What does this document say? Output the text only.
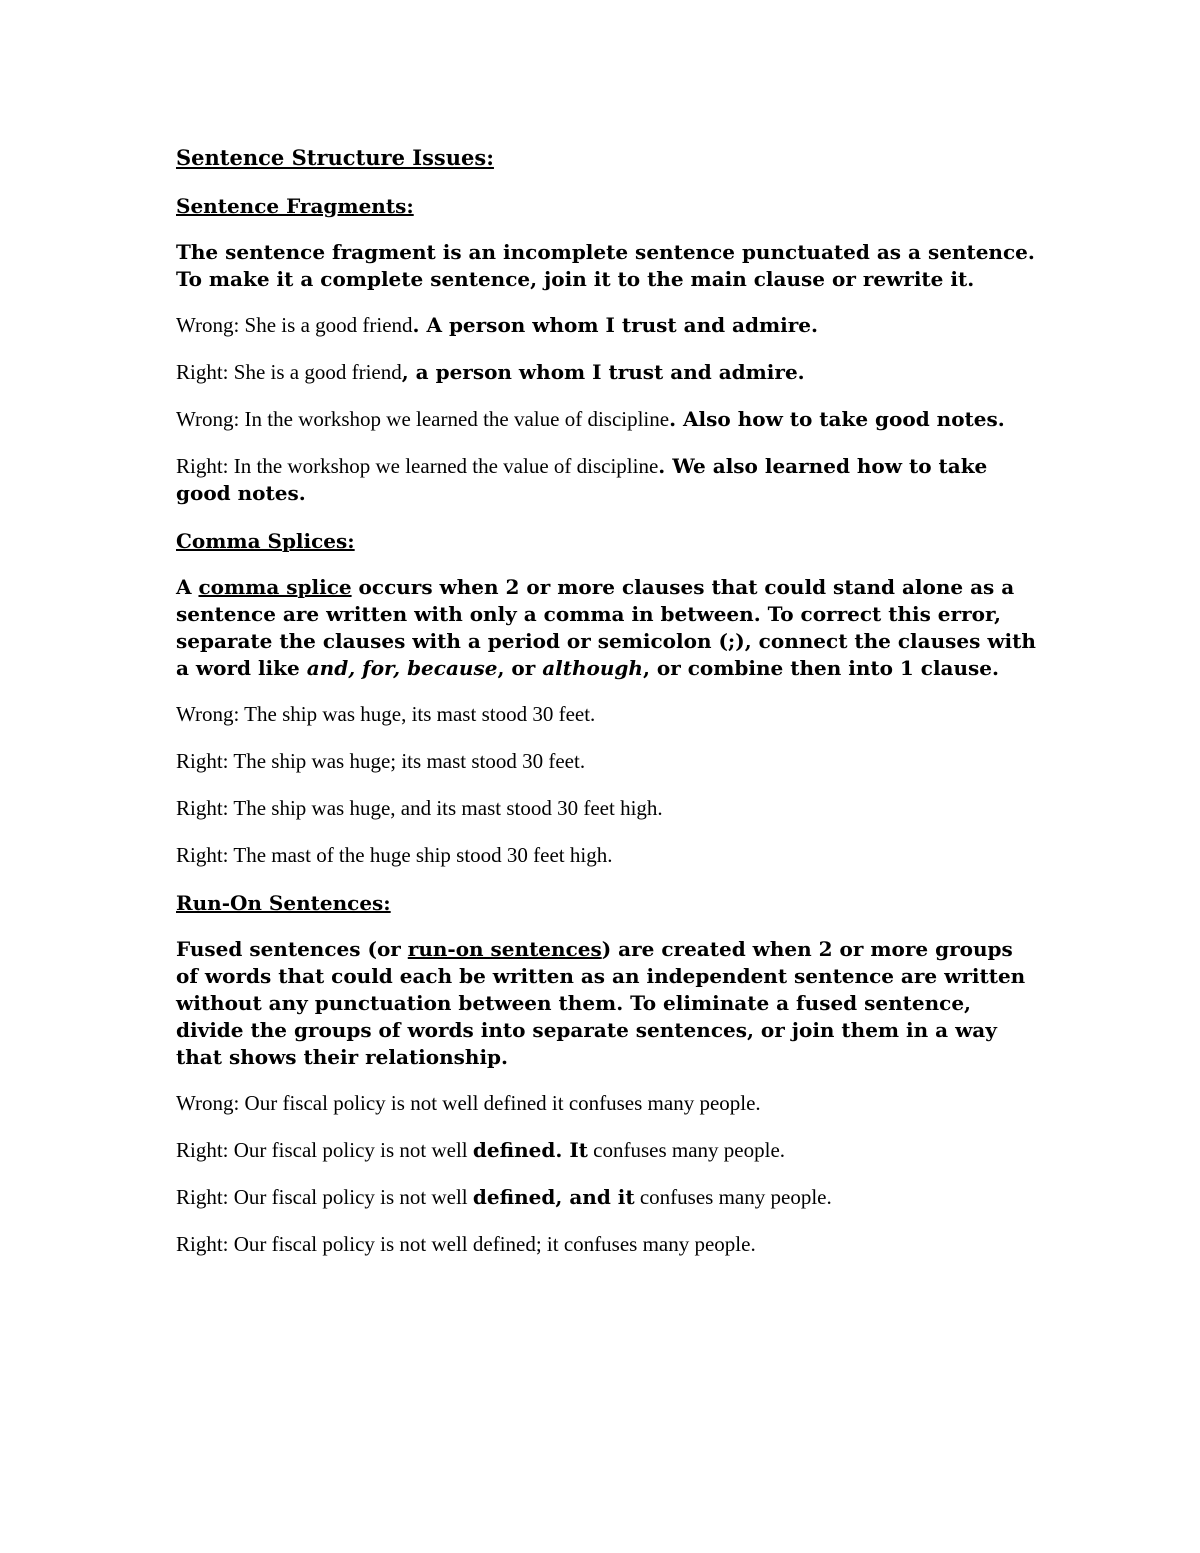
Sentence Structure Issues:
Sentence Fragments:
The sentence fragment is an incomplete sentence punctuated as a sentence. To make it a complete sentence, join it to the main clause or rewrite it.
Wrong: She is a good friend. A person whom I trust and admire.
Right: She is a good friend, a person whom I trust and admire.
Wrong: In the workshop we learned the value of discipline. Also how to take good notes.
Right: In the workshop we learned the value of discipline. We also learned how to take good notes.
Comma Splices:
A comma splice occurs when 2 or more clauses that could stand alone as a sentence are written with only a comma in between. To correct this error, separate the clauses with a period or semicolon (;), connect the clauses with a word like and, for, because, or although, or combine then into 1 clause.
Wrong: The ship was huge, its mast stood 30 feet.
Right: The ship was huge; its mast stood 30 feet.
Right: The ship was huge, and its mast stood 30 feet high.
Right: The mast of the huge ship stood 30 feet high.
Run-On Sentences:
Fused sentences (or run-on sentences) are created when 2 or more groups of words that could each be written as an independent sentence are written without any punctuation between them. To eliminate a fused sentence, divide the groups of words into separate sentences, or join them in a way that shows their relationship.
Wrong: Our fiscal policy is not well defined it confuses many people.
Right: Our fiscal policy is not well defined. It confuses many people.
Right: Our fiscal policy is not well defined, and it confuses many people.
Right: Our fiscal policy is not well defined; it confuses many people.
